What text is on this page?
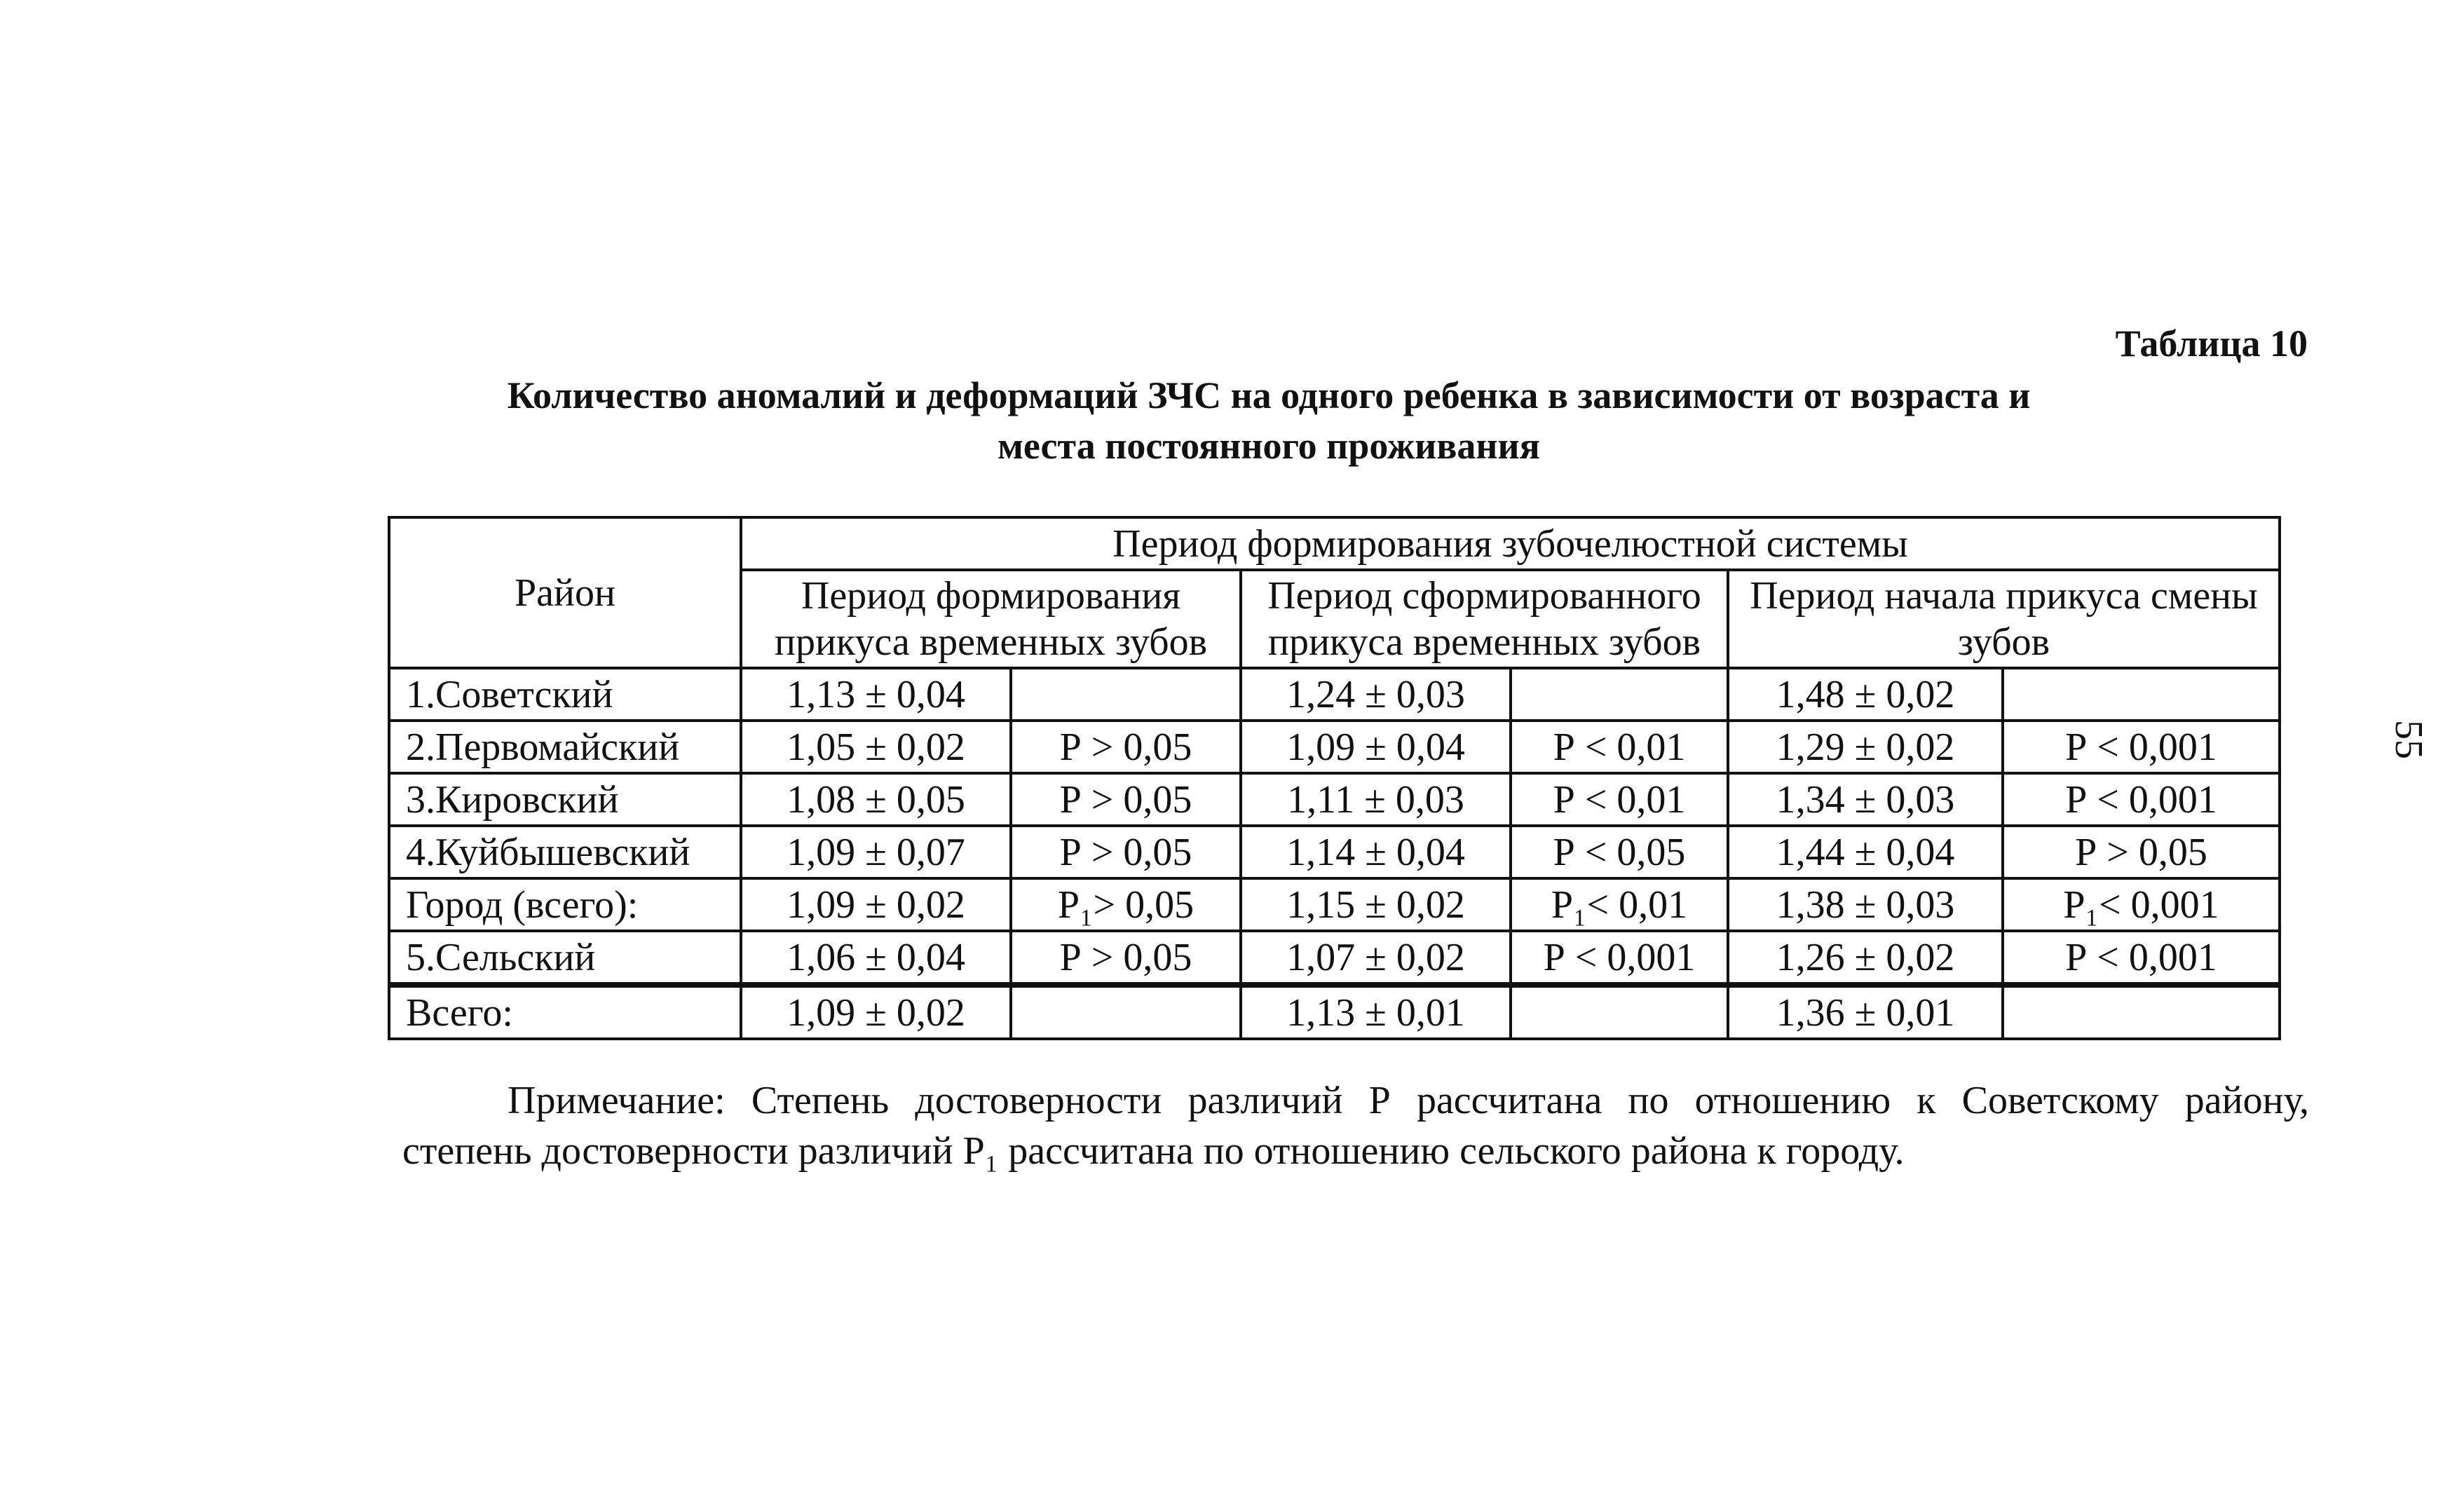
Таблица 10
Количество аномалий и деформаций ЗЧС на одного ребенка в зависимости от возраста и
места постоянного проживания
55
Район	Период формирования зубочелюстной системы					
	Период формирования прикуса временных зубов		Период сформированного прикуса временных зубов		Период начала прикуса смены зубов	
1.Советский	1,13 ± 0,04		1,24 ± 0,03		1,48 ± 0,02	
2.Первомайский	1,05 ± 0,02	Р > 0,05	1,09 ± 0,04	Р < 0,01	1,29 ± 0,02	Р < 0,001
3.Кировский	1,08 ± 0,05	Р > 0,05	1,11 ± 0,03	Р < 0,01	1,34 ± 0,03	Р < 0,001
4.Куйбышевский	1,09 ± 0,07	Р > 0,05	1,14 ± 0,04	Р < 0,05	1,44 ± 0,04	Р > 0,05
Город (всего):	1,09 ± 0,02	Р₁> 0,05	1,15 ± 0,02	Р₁< 0,01	1,38 ± 0,03	Р₁< 0,001
5.Сельский	1,06 ± 0,04	Р > 0,05	1,07 ± 0,02	Р < 0,001	1,26 ± 0,02	Р < 0,001
Всего:	1,09 ± 0,02		1,13 ± 0,01		1,36 ± 0,01	

Примечание: Степень достоверности различий Р рассчитана по отношению к Советскому району,

степень достоверности различий Р₁ рассчитана по отношению сельского района к городу.
